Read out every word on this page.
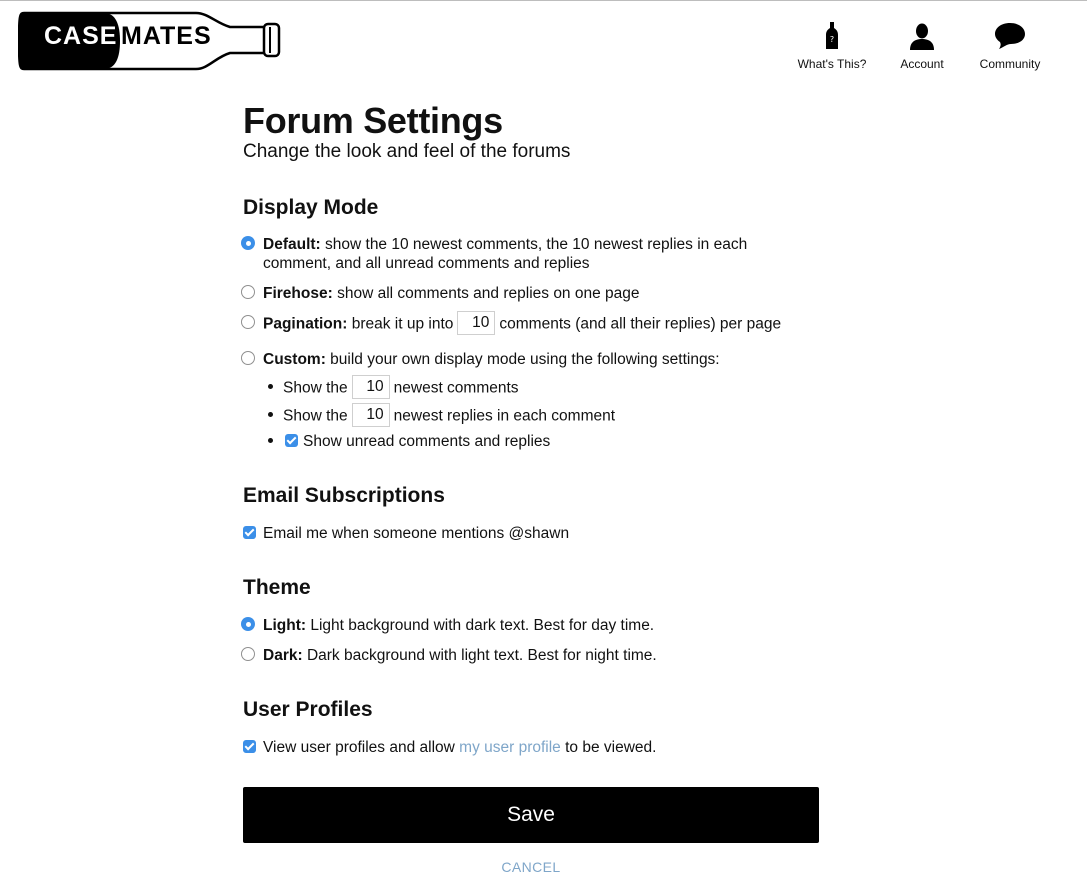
CASE MATES	?
What's This?	Account	Community
Forum Settings

Change the look and feel of the forums

Display Mode
Default: show the 10 newest comments, the 10 newest replies in each comment, and all unread comments and replies
Firehose: show all comments and replies on one page
Pagination: break it up into 10 comments (and all their replies) per page
Custom: build your own display mode using the following settings:
Show the 10 newest comments
Show the 10 newest replies in each comment
Show unread comments and replies
Email Subscriptions
Email me when someone mentions @shawn
Theme
Light: Light background with dark text. Best for day time.
Dark: Dark background with light text. Best for night time.
User Profiles
View user profiles and allow my user profile to be viewed.
Save
CANCEL
